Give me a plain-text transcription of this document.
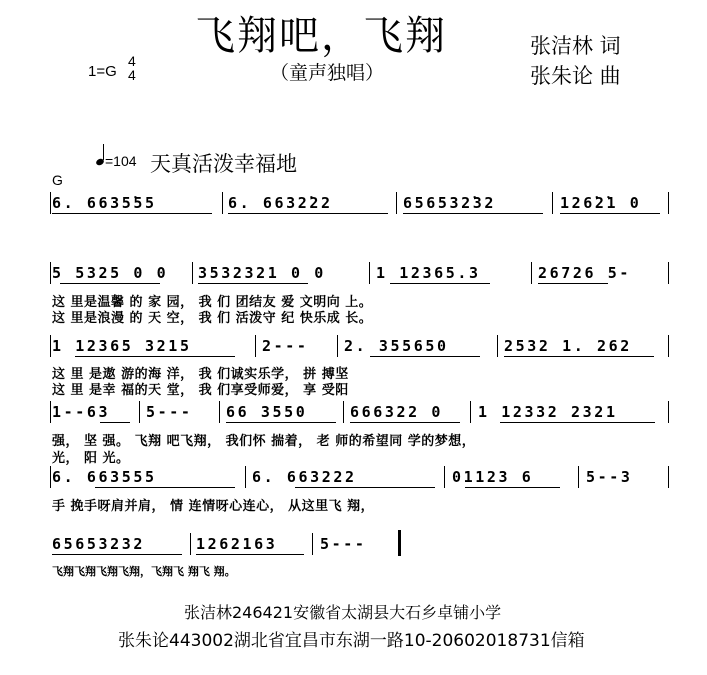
飞翔吧，飞翔
（童声独唱）
张洁林 词
张朱论 曲
1=G
4
4
=104 天真活泼幸福地
G
6. 6635̇55	6. 6632̇22	656532̇32	126̇2̇1 0
5 5325 0 0 3532321 0 0	1 12365.3	26726 5-
这 里是温馨 的 家 园， 我 们 团结友 爱 文明向 上。
这 里是浪漫 的 天 空， 我 们 活泼守 纪 快乐成 长。
1 12365 3215	2--- 2. 355650	2532 1. 262
这 里 是遨 游的海 洋， 我 们诚实乐学， 拼 搏坚
这 里 是幸 福的天 堂， 我 们享受师爱， 享 受阳
1--63 5--- 66 3550	666322 0 1 12332 2321
强， 坚 强。 飞翔 吧飞翔， 我们怀 揣着， 老 师的希望同 学的梦想，
光， 阳 光。
6. 663555	6. 663222	01123 6	5--3
手 挽手呀肩并肩， 情 连情呀心连心， 从这里飞 翔，
65653232	1262163	5---
飞翔飞翔飞翔飞翔，飞翔飞 翔飞 翔。
张洁林246421安徽省太湖县大石乡卓铺小学
张朱论443002湖北省宜昌市东湖一路10-20602018731信箱
